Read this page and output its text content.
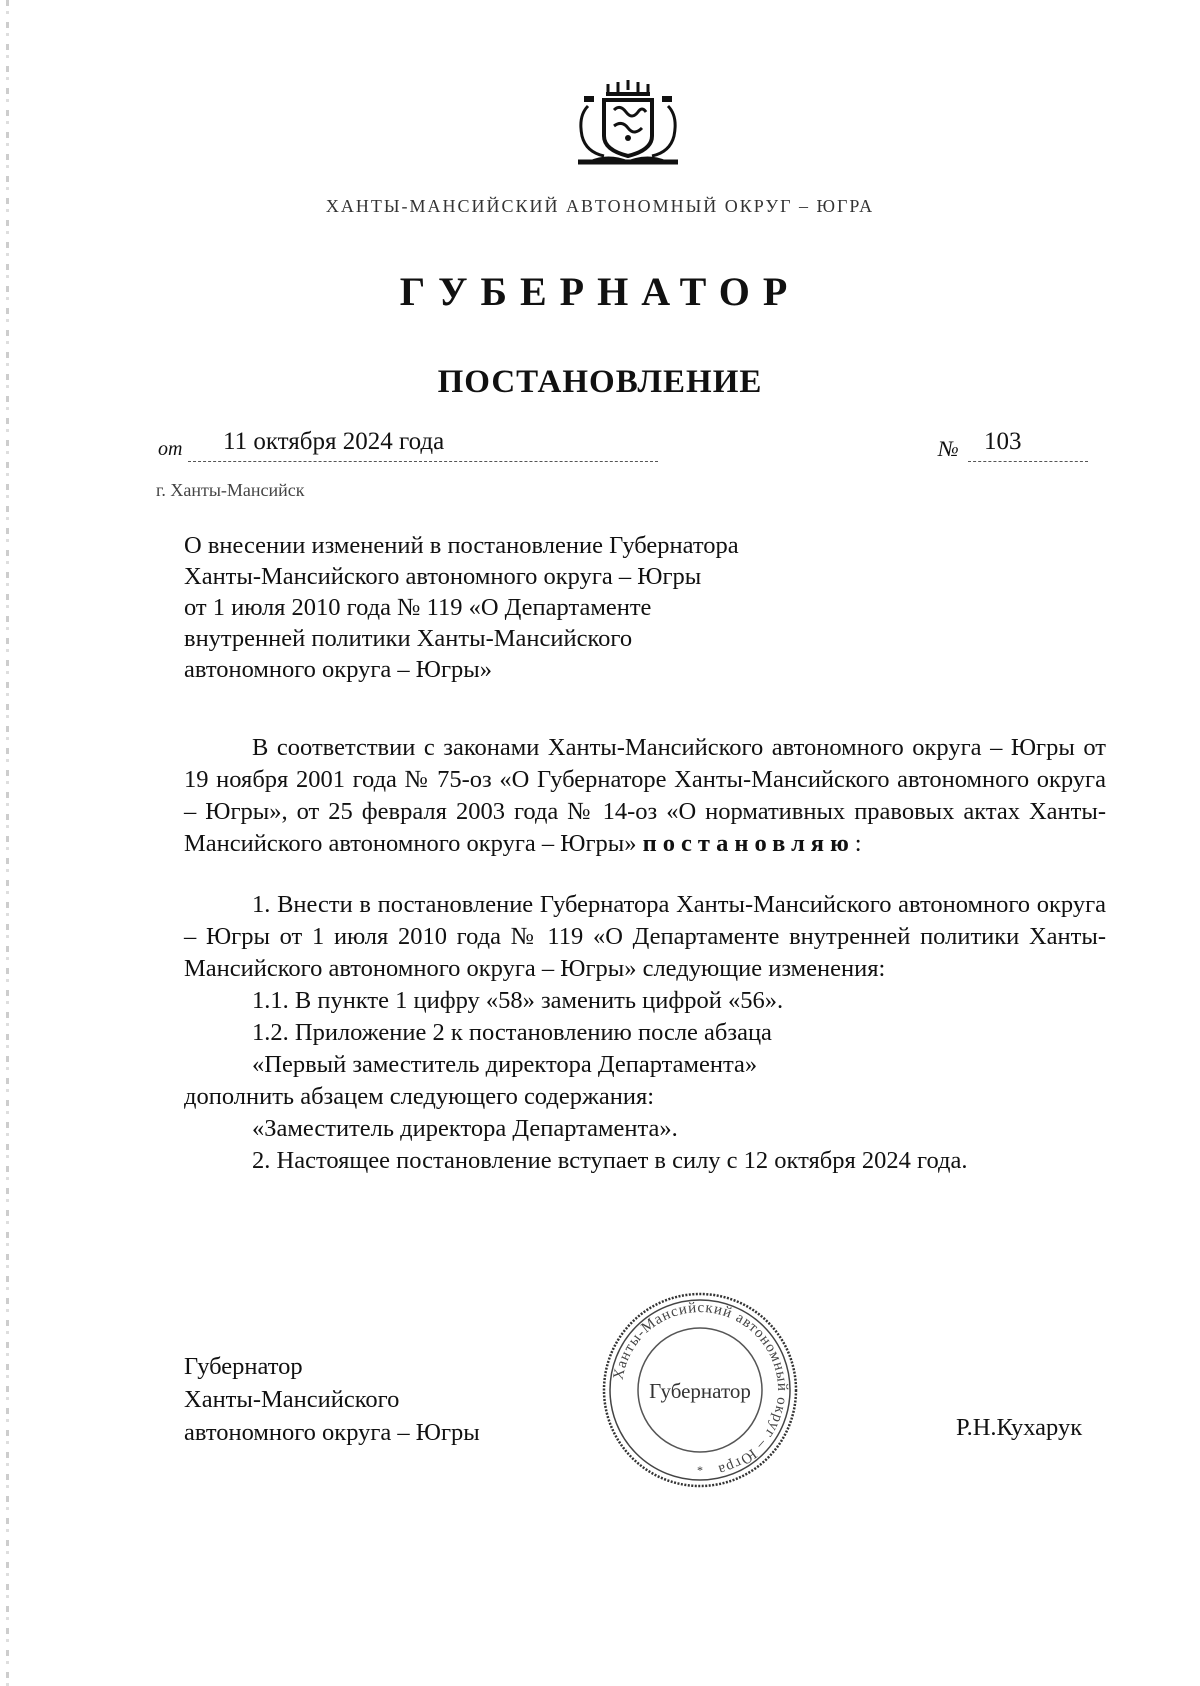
ХАНТЫ-МАНСИЙСКИЙ АВТОНОМНЫЙ ОКРУГ – ЮГРА
ГУБЕРНАТОР
ПОСТАНОВЛЕНИЕ
от	11 октября 2024 года	№	103
г. Ханты-Мансийск
О внесении изменений в постановление Губернатора
Ханты-Мансийского автономного округа – Югры
от 1 июля 2010 года № 119 «О Департаменте
внутренней политики Ханты-Мансийского
автономного округа – Югры»

В соответствии с законами Ханты-Мансийского автономного округа – Югры от 19 ноября 2001 года № 75-оз «О Губернаторе Ханты-Мансийского автономного округа – Югры», от 25 февраля 2003 года № 14-оз «О нормативных правовых актах Ханты-Мансийского автономного округа – Югры» постановляю:

1. Внести в постановление Губернатора Ханты-Мансийского автономного округа – Югры от 1 июля 2010 года № 119 «О Департаменте внутренней политики Ханты-Мансийского автономного округа – Югры» следующие изменения:

1.1. В пункте 1 цифру «58» заменить цифрой «56».

1.2. Приложение 2 к постановлению после абзаца

«Первый заместитель директора Департамента»

дополнить абзацем следующего содержания:

«Заместитель директора Департамента».

2. Настоящее постановление вступает в силу с 12 октября 2024 года.

Губернатор
Ханты-Мансийского
автономного округа – Югры
Ханты-Мансийский автономный округ – Югра
Губернатор
*
Р.Н.Кухарук
